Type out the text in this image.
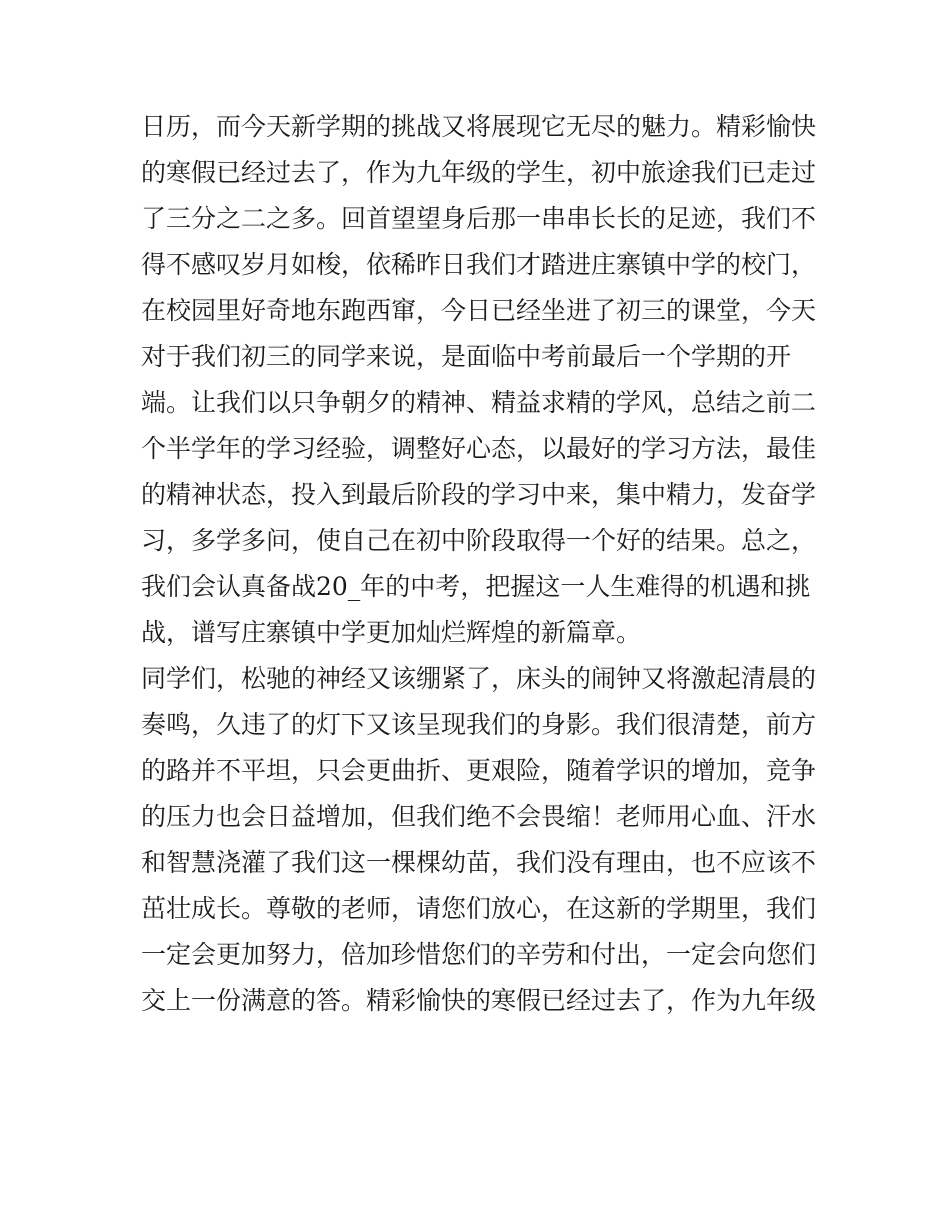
日历，而今天新学期的挑战又将展现它无尽的魅力。精彩愉快
的寒假已经过去了，作为九年级的学生，初中旅途我们已走过
了三分之二之多。回首望望身后那一串串长长的足迹，我们不
得不感叹岁月如梭，依稀昨日我们才踏进庄寨镇中学的校门，
在校园里好奇地东跑西窜，今日已经坐进了初三的课堂，今天
对于我们初三的同学来说，是面临中考前最后一个学期的开
端。让我们以只争朝夕的精神、精益求精的学风，总结之前二
个半学年的学习经验，调整好心态，以最好的学习方法，最佳
的精神状态，投入到最后阶段的学习中来，集中精力，发奋学
习，多学多问，使自己在初中阶段取得一个好的结果。总之，
我们会认真备战20_年的中考，把握这一人生难得的机遇和挑
战，谱写庄寨镇中学更加灿烂辉煌的新篇章。
同学们，松驰的神经又该绷紧了，床头的闹钟又将激起清晨的
奏鸣，久违了的灯下又该呈现我们的身影。我们很清楚，前方
的路并不平坦，只会更曲折、更艰险，随着学识的增加，竞争
的压力也会日益增加，但我们绝不会畏缩！老师用心血、汗水
和智慧浇灌了我们这一棵棵幼苗，我们没有理由，也不应该不
茁壮成长。尊敬的老师，请您们放心，在这新的学期里，我们
一定会更加努力，倍加珍惜您们的辛劳和付出，一定会向您们
交上一份满意的答。精彩愉快的寒假已经过去了，作为九年级
